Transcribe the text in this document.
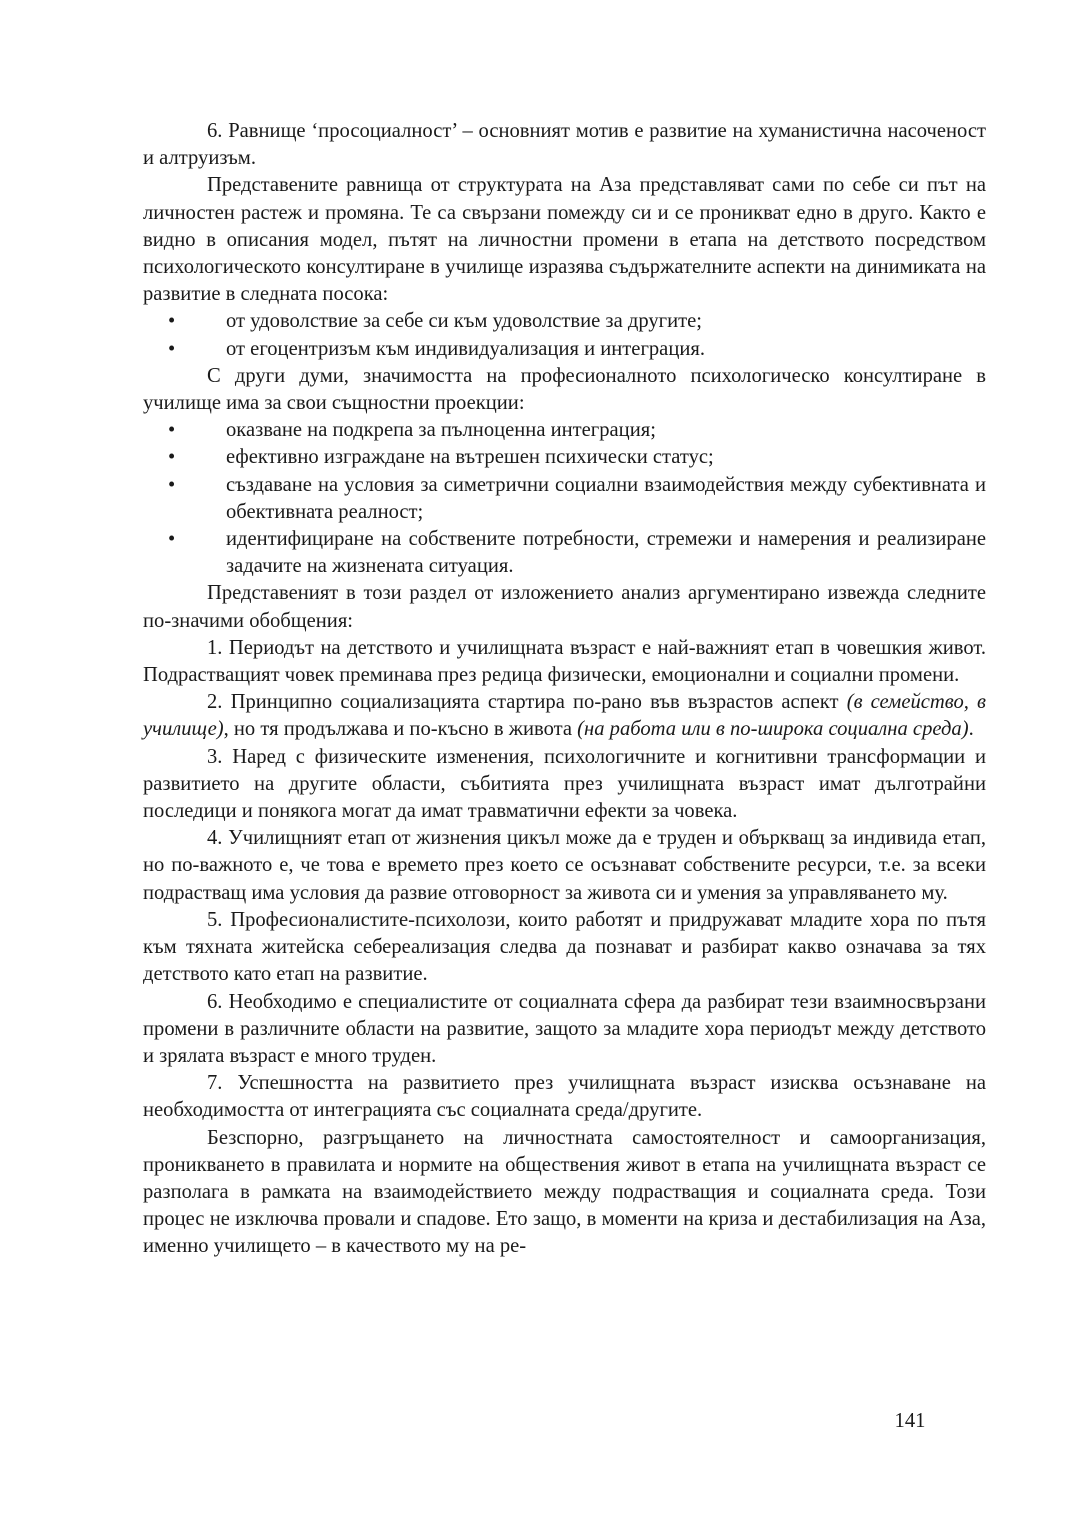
6. Равнище ‘просоциалност’ – основният мотив е развитие на хуманистична насоченост и алтруизъм.

Представените равнища от структурата на Аза представляват сами по себе си път на личностен растеж и промяна. Те са свързани помежду си и се проникват едно в друго. Както е видно в описания модел, пътят на личностни промени в етапа на детството посредством психологическото консултиране в училище изразява съдържателните аспекти на динимиката на развитие в следната посока:

• от удоволствие за себе си към удоволствие за другите;
• от егоцентризъм към индивидуализация и интеграция.

С други думи, значимостта на професионалното психологическо консултиране в училище има за свои същностни проекции:

• оказване на подкрепа за пълноценна интеграция;
• ефективно изграждане на вътрешен психически статус;
• създаване на условия за симетрични социални взаимодействия между субективната и обективната реалност;
• идентифициране на собствените потребности, стремежи и намерения и реализиране задачите на жизнената ситуация.

Представеният в този раздел от изложението анализ аргументирано извежда следните по-значими обобщения:

1. Периодът на детството и училищната възраст е най-важният етап в човешкия живот. Подрастващият човек преминава през редица физически, емоционални и социални промени.

2. Принципно социализацията стартира по-рано във възрастов аспект (в семейство, в училище), но тя продължава и по-късно в живота (на работа или в по-широка социална среда).

3. Наред с физическите изменения, психологичните и когнитивни трансформации и развитието на другите области, събитията през училищната възраст имат дълготрайни последици и понякога могат да имат травматични ефекти за човека.

4. Училищният етап от жизнения цикъл може да е труден и объркващ за индивида етап, но по-важното е, че това е времето през което се осъзнават собствените ресурси, т.е. за всеки подрастващ има условия да развие отговорност за живота си и умения за управляването му.

5. Професионалистите-психолози, които работят и придружават младите хора по пътя към тяхната житейска себереализация следва да познават и разбират какво означава за тях детството като етап на развитие.

6. Необходимо е специалистите от социалната сфера да разбират тези взаимносвързани промени в различните области на развитие, защото за младите хора периодът между детството и зрялата възраст е много труден.

7. Успешността на развитието през училищната възраст изисква осъзнаване на необходимостта от интеграцията със социалната среда/другите.

Безспорно, разгръщането на личностната самостоятелност и самоорганизация, проникването в правилата и нормите на обществения живот в етапа на училищната възраст се разполага в рамката на взаимодействието между подрастващия и социалната среда. Този процес не изключва провали и спадове. Ето защо, в моменти на криза и дестабилизация на Аза, именно училището – в качеството му на ре-

141
